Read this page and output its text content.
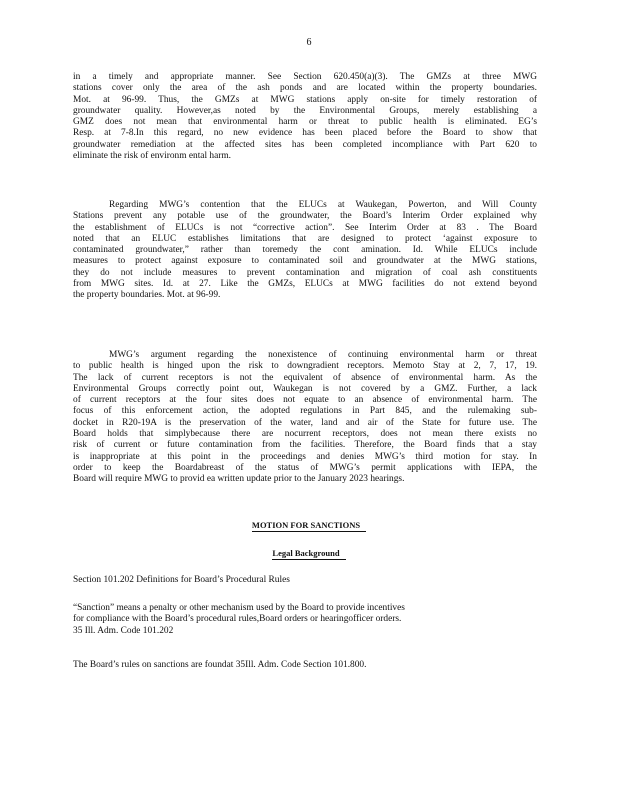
6
in a timely and appropriate manner. See Section 620.450(a)(3). The GMZs at three MWG
stations cover only the area of the ash ponds and are located within the property boundaries.
Mot. at 96-99. Thus, the GMZs at MWG stations apply on-site for timely restoration of
groundwater quality. However,as noted by the Environmental Groups, merely establishing a
GMZ does not mean that environmental harm or threat to public health is eliminated. EG’s
Resp. at 7-8.In this regard, no new evidence has been placed before the Board to show that
groundwater remediation at the affected sites has been completed incompliance with Part 620 to
eliminate the risk of environm ental harm.
Regarding MWG’s contention that the ELUCs at Waukegan, Powerton, and Will County
Stations prevent any potable use of the groundwater, the Board’s Interim Order explained why
the establishment of ELUCs is not “corrective action”. See Interim Order at 83 . The Board
noted that an ELUC establishes limitations that are designed to protect ‘against exposure to
contaminated groundwater,” rather than toremedy the cont amination. Id. While ELUCs include
measures to protect against exposure to contaminated soil and groundwater at the MWG stations,
they do not include measures to prevent contamination and migration of coal ash constituents
from MWG sites. Id. at 27. Like the GMZs, ELUCs at MWG facilities do not extend beyond
the property boundaries. Mot. at 96-99.
MWG’s argument regarding the nonexistence of continuing environmental harm or threat
to public health is hinged upon the risk to downgradient receptors. Memoto Stay at 2, 7, 17, 19.
The lack of current receptors is not the equivalent of absence of environmental harm. As the
Environmental Groups correctly point out, Waukegan is not covered by a GMZ. Further, a lack
of current receptors at the four sites does not equate to an absence of environmental harm. The
focus of this enforcement action, the adopted regulations in Part 845, and the rulemaking sub-
docket in R20-19A is the preservation of the water, land and air of the State for future use. The
Board holds that simplybecause there are nocurrent receptors, does not mean there exists no
risk of current or future contamination from the facilities. Therefore, the Board finds that a stay
is inappropriate at this point in the proceedings and denies MWG’s third motion for stay. In
order to keep the Boardabreast of the status of MWG’s permit applications with IEPA, the
Board will require MWG to provid ea written update prior to the January 2023 hearings.
MOTION FOR SANCTIONS
Legal Background
Section 101.202 Definitions for Board’s Procedural Rules
“Sanction” means a penalty or other mechanism used by the Board to provide incentives
for compliance with the Board’s procedural rules,Board orders or hearingofficer orders.
35 Ill. Adm. Code 101.202
The Board’s rules on sanctions are foundat 35Ill. Adm. Code Section 101.800.
